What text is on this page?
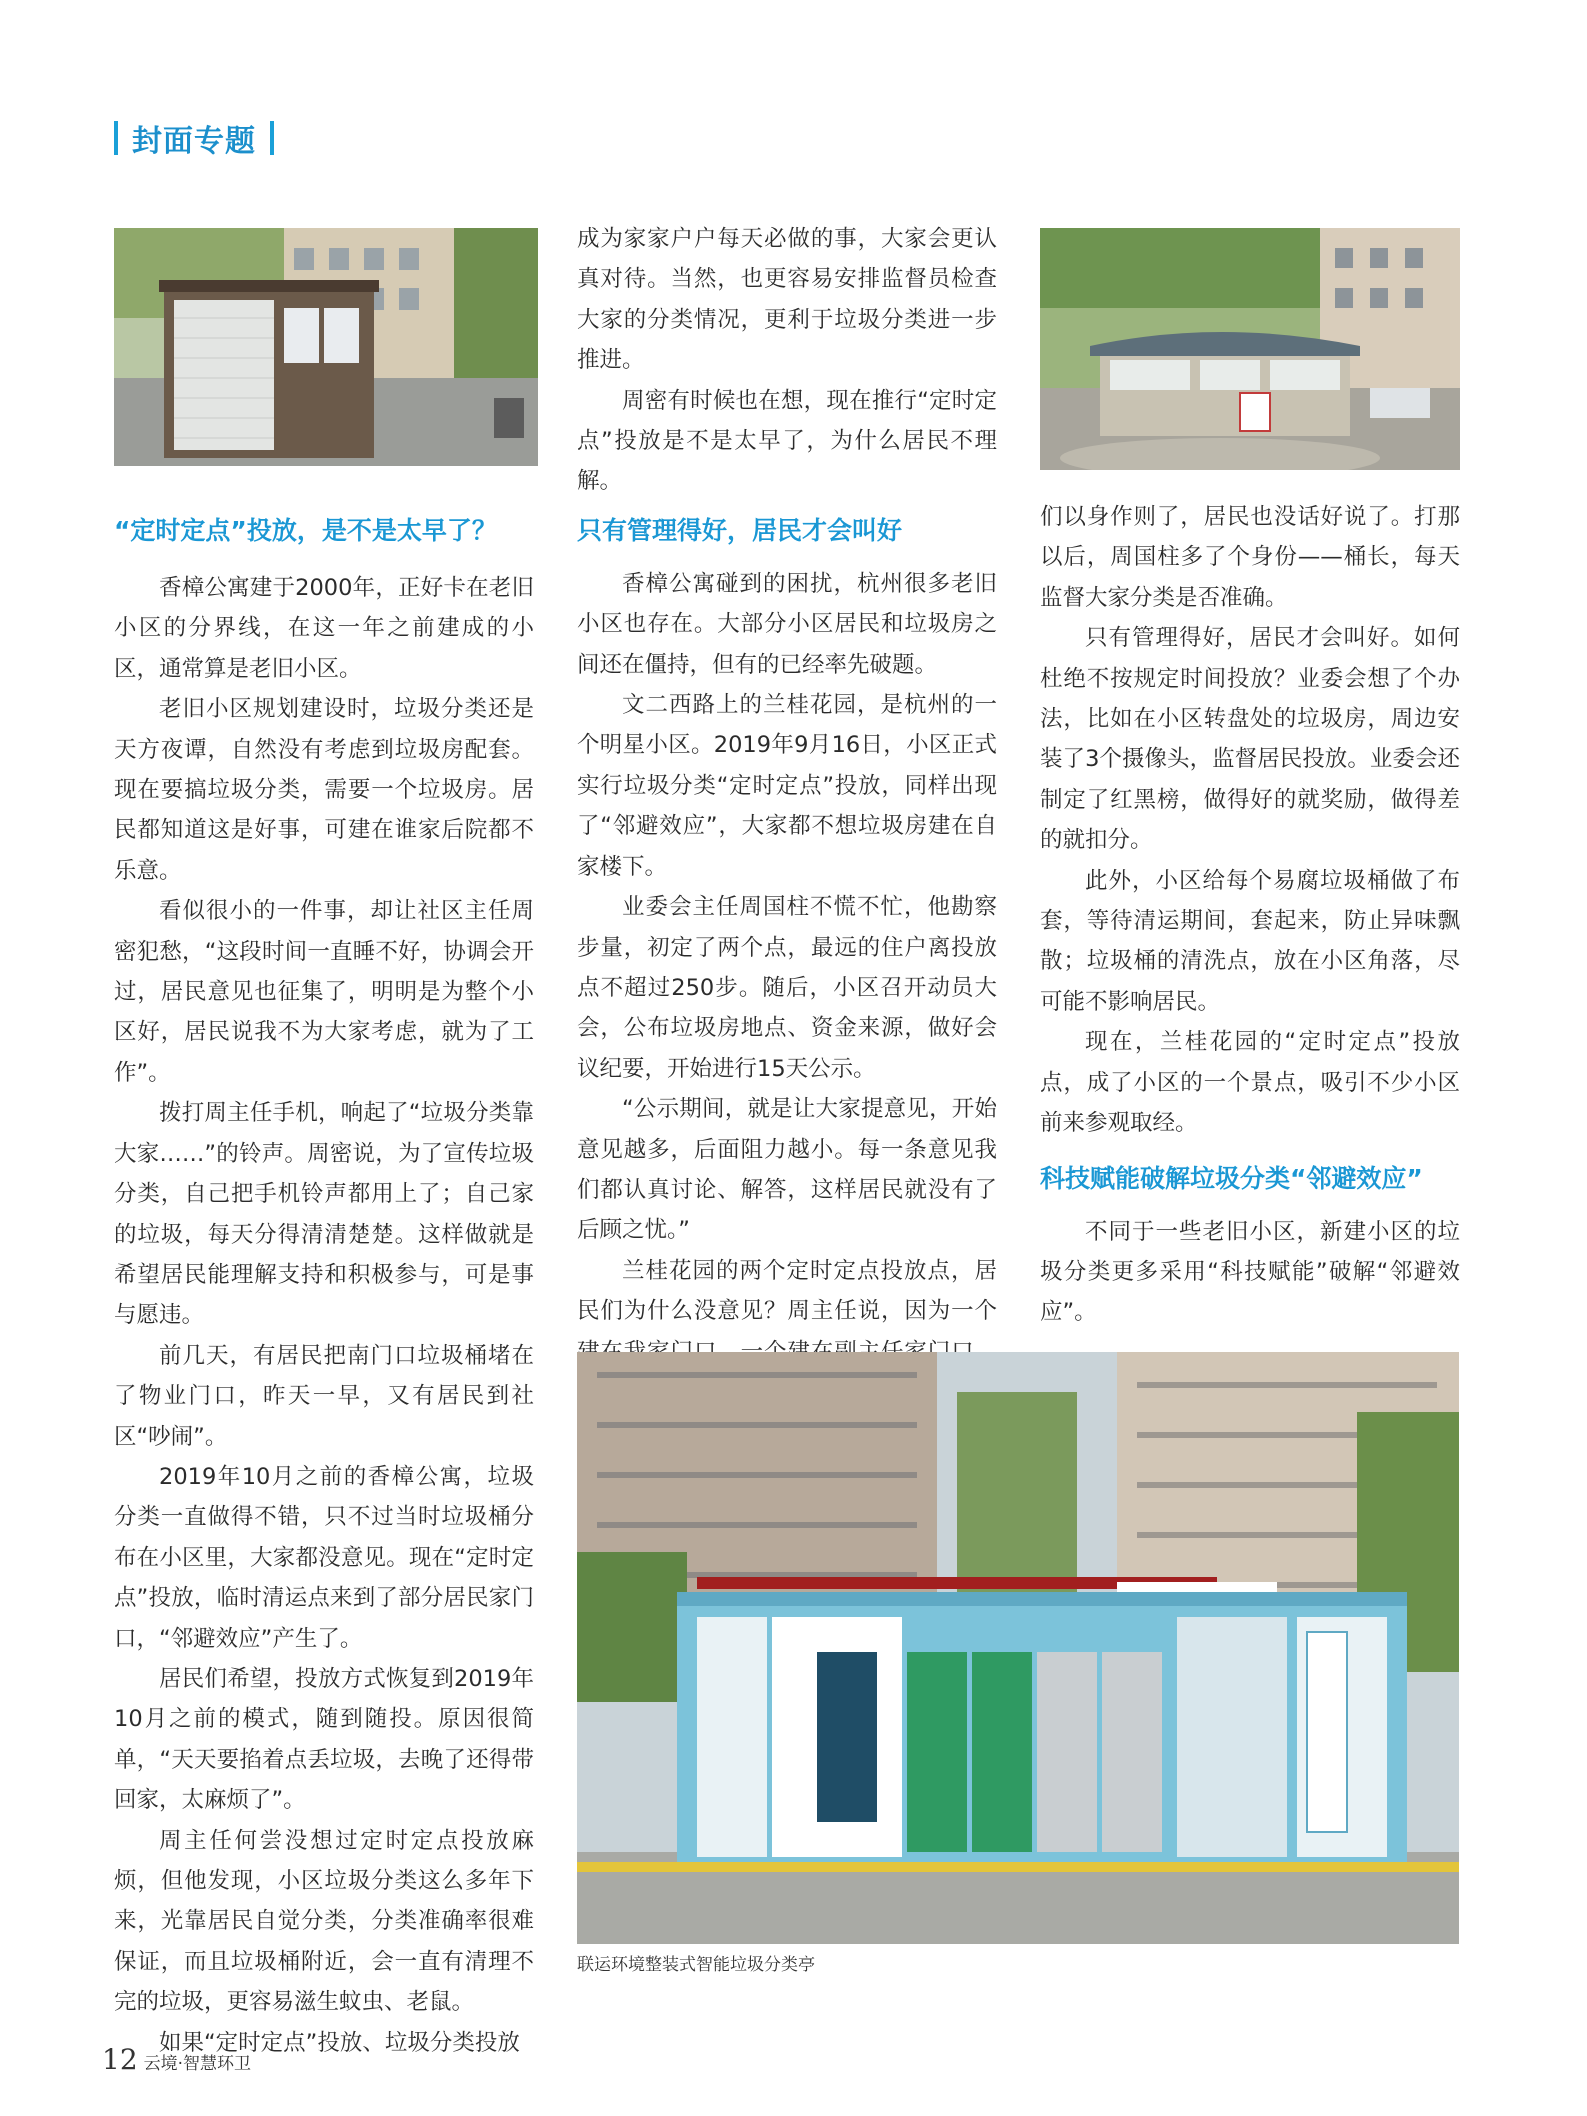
封面专题
“定时定点”投放，是不是太早了？

香樟公寓建于2000年，正好卡在老旧小区的分界线，在这一年之前建成的小区，通常算是老旧小区。

老旧小区规划建设时，垃圾分类还是天方夜谭，自然没有考虑到垃圾房配套。现在要搞垃圾分类，需要一个垃圾房。居民都知道这是好事，可建在谁家后院都不乐意。

看似很小的一件事，却让社区主任周密犯愁，“这段时间一直睡不好，协调会开过，居民意见也征集了，明明是为整个小区好，居民说我不为大家考虑，就为了工作”。

拨打周主任手机，响起了“垃圾分类靠大家……”的铃声。周密说，为了宣传垃圾分类，自己把手机铃声都用上了；自己家的垃圾，每天分得清清楚楚。这样做就是希望居民能理解支持和积极参与，可是事与愿违。

前几天，有居民把南门口垃圾桶堵在了物业门口，昨天一早，又有居民到社区“吵闹”。

2019年10月之前的香樟公寓，垃圾分类一直做得不错，只不过当时垃圾桶分布在小区里，大家都没意见。现在“定时定点”投放，临时清运点来到了部分居民家门口，“邻避效应”产生了。

居民们希望，投放方式恢复到2019年10月之前的模式，随到随投。原因很简单，“天天要掐着点丢垃圾，去晚了还得带回家，太麻烦了”。

周主任何尝没想过定时定点投放麻烦，但他发现，小区垃圾分类这么多年下来，光靠居民自觉分类，分类准确率很难保证，而且垃圾桶附近，会一直有清理不完的垃圾，更容易滋生蚊虫、老鼠。

如果“定时定点”投放、垃圾分类投放

成为家家户户每天必做的事，大家会更认真对待。当然，也更容易安排监督员检查大家的分类情况，更利于垃圾分类进一步推进。

周密有时候也在想，现在推行“定时定点”投放是不是太早了，为什么居民不理解。

只有管理得好，居民才会叫好

香樟公寓碰到的困扰，杭州很多老旧小区也存在。大部分小区居民和垃圾房之间还在僵持，但有的已经率先破题。

文二西路上的兰桂花园，是杭州的一个明星小区。2019年9月16日，小区正式实行垃圾分类“定时定点”投放，同样出现了“邻避效应”，大家都不想垃圾房建在自家楼下。

业委会主任周国柱不慌不忙，他勘察步量，初定了两个点，最远的住户离投放点不超过250步。随后，小区召开动员大会，公布垃圾房地点、资金来源，做好会议纪要，开始进行15天公示。

“公示期间，就是让大家提意见，开始意见越多，后面阻力越小。每一条意见我们都认真讨论、解答，这样居民就没有了后顾之忧。”

兰桂花园的两个定时定点投放点，居民们为什么没意见？周主任说，因为一个

们以身作则了，居民也没话好说了。打那以后，周国柱多了个身份——桶长，每天监督大家分类是否准确。

只有管理得好，居民才会叫好。如何杜绝不按规定时间投放？业委会想了个办法，比如在小区转盘处的垃圾房，周边安装了3个摄像头，监督居民投放。业委会还制定了红黑榜，做得好的就奖励，做得差的就扣分。

此外，小区给每个易腐垃圾桶做了布套，等待清运期间，套起来，防止异味飘散；垃圾桶的清洗点，放在小区角落，尽可能不影响居民。

现在，兰桂花园的“定时定点”投放点，成了小区的一个景点，吸引不少小区前来参观取经。

科技赋能破解垃圾分类“邻避效应”

不同于一些老旧小区，新建小区的垃圾分类更多采用“科技赋能”破解“邻避效应”。

联运环境整装式智能垃圾分类亭
12 云境·智慧环卫
